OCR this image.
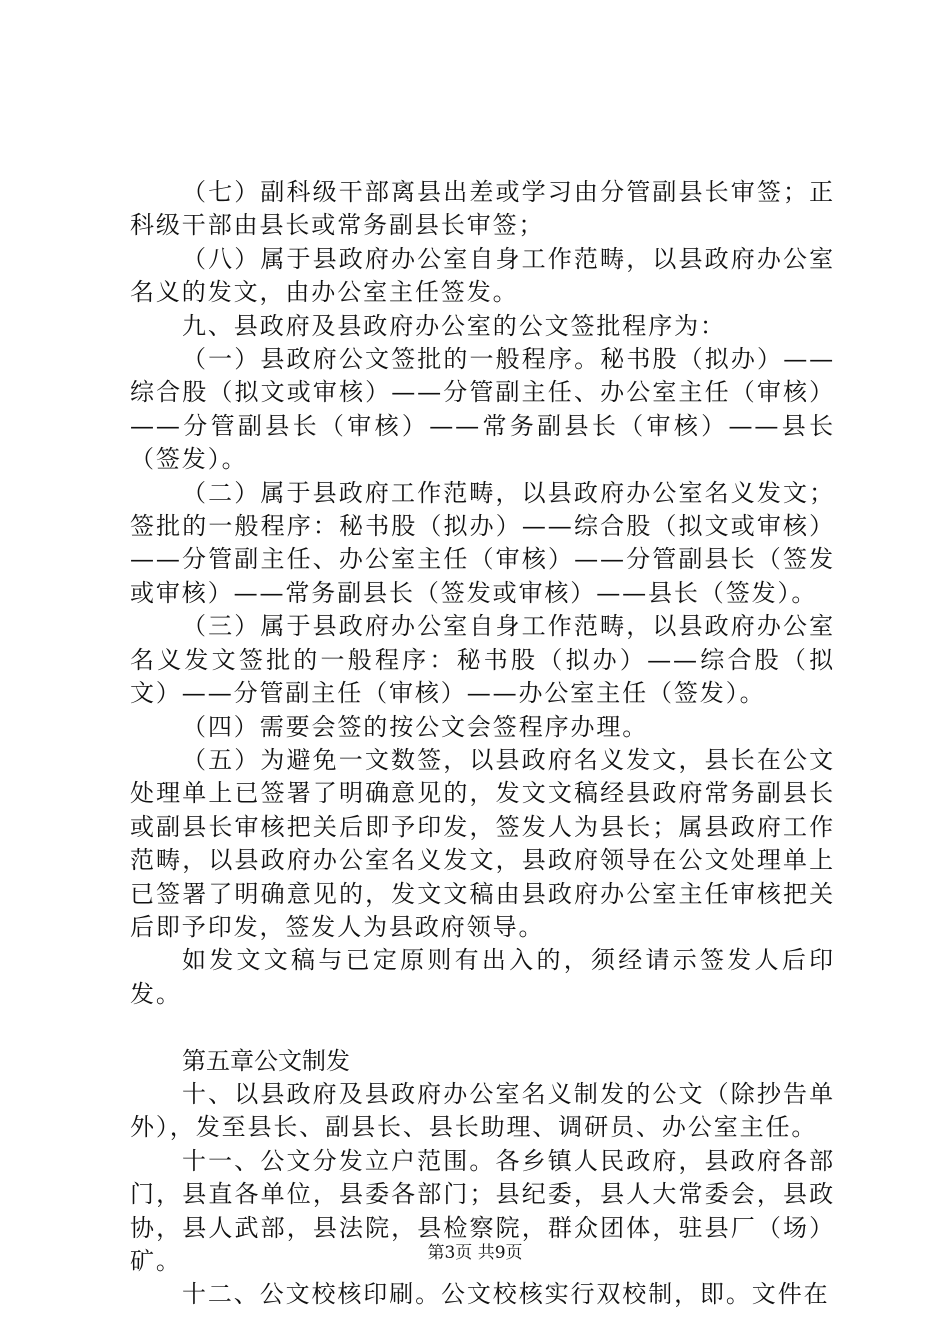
（七）副科级干部离县出差或学习由分管副县长审签；正科级干部由县长或常务副县长审签；

（八）属于县政府办公室自身工作范畴，以县政府办公室名义的发文，由办公室主任签发。

九、县政府及县政府办公室的公文签批程序为：

（一）县政府公文签批的一般程序。秘书股（拟办）——综合股（拟文或审核）——分管副主任、办公室主任（审核）——分管副县长（审核）——常务副县长（审核）——县长（签发）。

（二）属于县政府工作范畴，以县政府办公室名义发文；签批的一般程序：秘书股（拟办）——综合股（拟文或审核）——分管副主任、办公室主任（审核）——分管副县长（签发或审核）——常务副县长（签发或审核）——县长（签发）。

（三）属于县政府办公室自身工作范畴，以县政府办公室名义发文签批的一般程序：秘书股（拟办）——综合股（拟文）——分管副主任（审核）——办公室主任（签发）。

（四）需要会签的按公文会签程序办理。

（五）为避免一文数签，以县政府名义发文，县长在公文处理单上已签署了明确意见的，发文文稿经县政府常务副县长或副县长审核把关后即予印发，签发人为县长；属县政府工作范畴，以县政府办公室名义发文，县政府领导在公文处理单上已签署了明确意见的，发文文稿由县政府办公室主任审核把关后即予印发，签发人为县政府领导。

如发文文稿与已定原则有出入的，须经请示签发人后印发。

第五章公文制发

十、以县政府及县政府办公室名义制发的公文（除抄告单外），发至县长、副县长、县长助理、调研员、办公室主任。

十一、公文分发立户范围。各乡镇人民政府，县政府各部门，县直各单位，县委各部门；县纪委，县人大常委会，县政协，县人武部，县法院，县检察院，群众团体，驻县厂（场）矿。

十二、公文校核印刷。公文校核实行双校制，即。文件在

第3页 共9页
